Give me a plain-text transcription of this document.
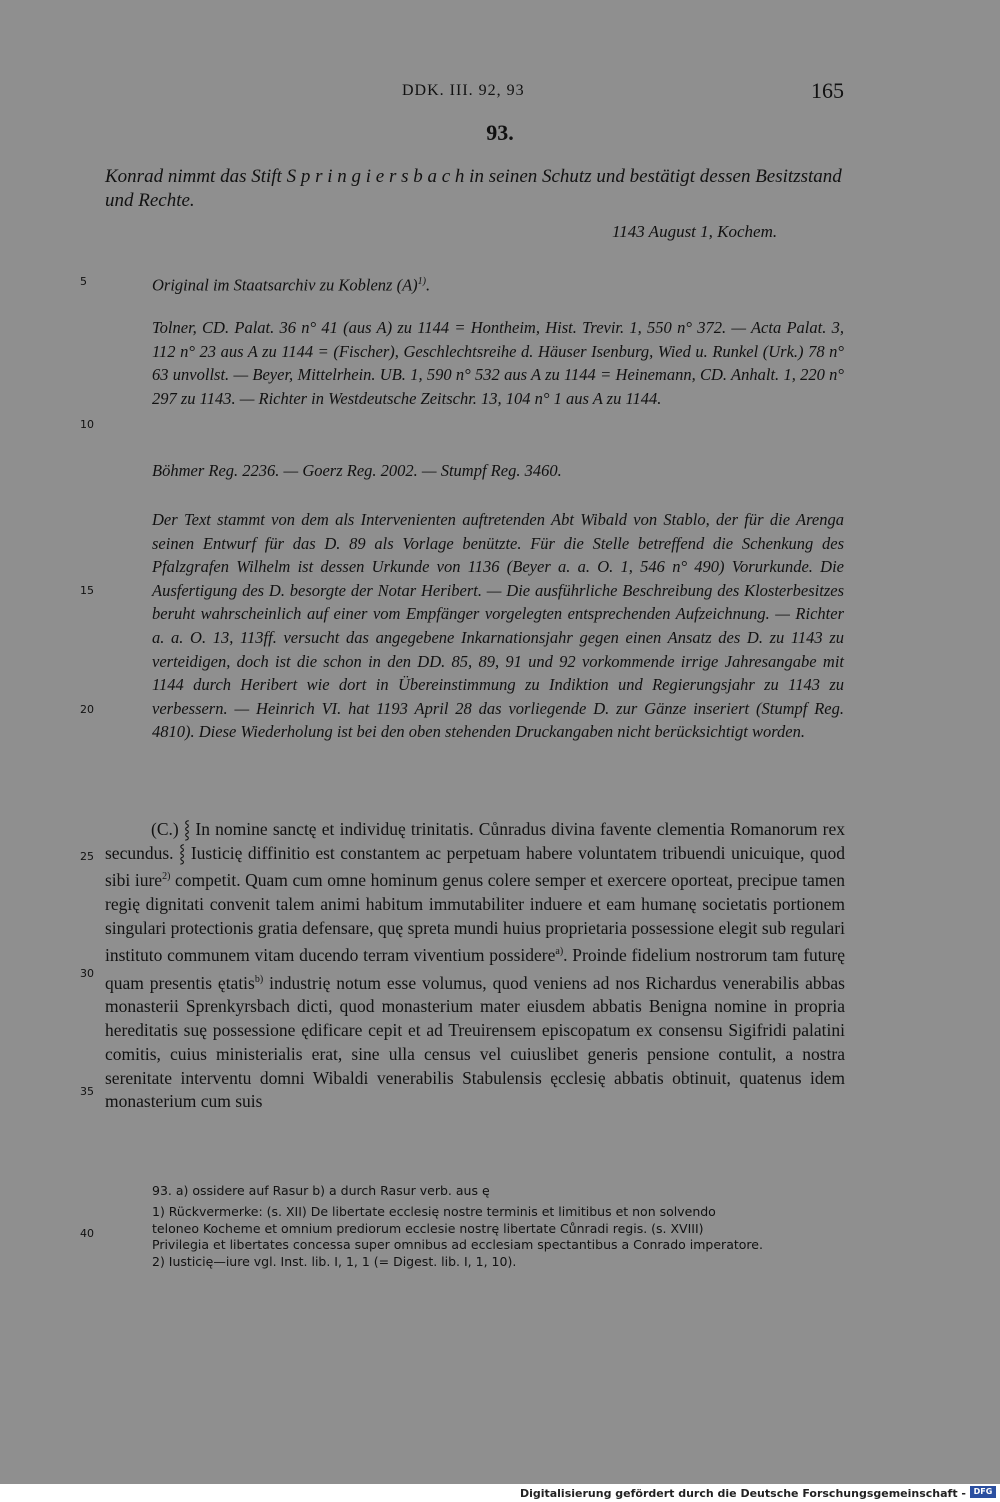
DDK. III. 92, 93	165
93.
Konrad nimmt das Stift S p r i n g i e r s b a c h in seinen Schutz und bestätigt dessen Besitzstand und Rechte.
1143 August 1, Kochem.
5
10
15
20
25
30
35
40
Original im Staatsarchiv zu Koblenz $(A)^{1)}$.
Tolner, CD. Palat. 36 n° 41 (aus A) zu 1144 = Hontheim, Hist. Trevir. 1, 550 n° 372. — Acta Palat. 3, 112 n° 23 aus A zu 1144 = (Fischer), Geschlechtsreihe d. Häuser Isenburg, Wied u. Runkel (Urk.) 78 n° 63 unvollst. — Beyer, Mittelrhein. UB. 1, 590 n° 532 aus A zu 1144 = Heinemann, CD. Anhalt. 1, 220 n° 297 zu 1143. — Richter in Westdeutsche Zeitschr. 13, 104 n° 1 aus A zu 1144.
Böhmer Reg. 2236. — Goerz Reg. 2002. — Stumpf Reg. 3460.
Der Text stammt von dem als Intervenienten auftretenden Abt Wibald von Stablo, der für die Arenga seinen Entwurf für das D. 89 als Vorlage benützte. Für die Stelle betreffend die Schenkung des Pfalzgrafen Wilhelm ist dessen Urkunde von 1136 (Beyer a. a. O. 1, 546 n° 490) Vorurkunde. Die Ausfertigung des D. besorgte der Notar Heribert. — Die ausführliche Beschreibung des Klosterbesitzes beruht wahrscheinlich auf einer vom Empfänger vorgelegten entsprechenden Aufzeichnung. — Richter a. a. O. 13, 113ff. versucht das angegebene Inkarnationsjahr gegen einen Ansatz des D. zu 1143 zu verteidigen, doch ist die schon in den DD. 85, 89, 91 und 92 vorkommende irrige Jahresangabe mit 1144 durch Heribert wie dort in Übereinstimmung zu Indiktion und Regierungsjahr zu 1143 zu verbessern. — Heinrich VI. hat 1193 April 28 das vorliegende D. zur Gänze inseriert (Stumpf Reg. 4810). Diese Wiederholung ist bei den oben stehenden Druckangaben nicht berücksichtigt worden.

(C.) ⸾ In nomine sanctę et individuę trinitatis. Cůnradus divina favente clementia Romanorum rex secundus. ⸾ Iusticię diffinitio est constantem ac perpetuam habere voluntatem tribuendi unicuique, quod sibi iure$^{2)}$ competit. Quam cum omne hominum genus colere semper et exercere oporteat, precipue tamen regię dignitati convenit talem animi habitum immutabiliter induere et eam humanę societatis portionem singulari protectionis gratia defensare, quę spreta mundi huius proprietaria possessione elegit sub regulari instituto communem vitam ducendo terram viventium possidere$^{a)}$. Proinde fidelium nostrorum tam futurę quam presentis ętatis$^{b)}$ industrię notum esse volumus, quod veniens ad nos Richardus venerabilis abbas monasterii Sprenkyrsbach dicti, quod monasterium mater eiusdem abbatis Benigna nomine in propria hereditatis suę possessione ędificare cepit et ad Treuirensem episcopatum ex consensu Sigifridi palatini comitis, cuius ministerialis erat, sine ulla census vel cuiuslibet generis pensione contulit, a nostra serenitate interventu domni Wibaldi venerabilis Stabulensis ęcclesię abbatis obtinuit, quatenus idem monasterium cum suis

93. a) ossidere auf Rasur b) a durch Rasur verb. aus ę
1) Rückvermerke: (s. XII) De libertate ecclesię nostre terminis et limitibus et non solvendo
teloneo Kocheme et omnium prediorum ecclesie nostrę libertate Cůnradi regis. (s. XVIII)
Privilegia et libertates concessa super omnibus ad ecclesiam spectantibus a Conrado imperatore.
2) Iusticię—iure vgl. Inst. lib. I, 1, 1 (= Digest. lib. I, 1, 10).
Digitalisierung gefördert durch die Deutsche Forschungsgemeinschaft - DFG
